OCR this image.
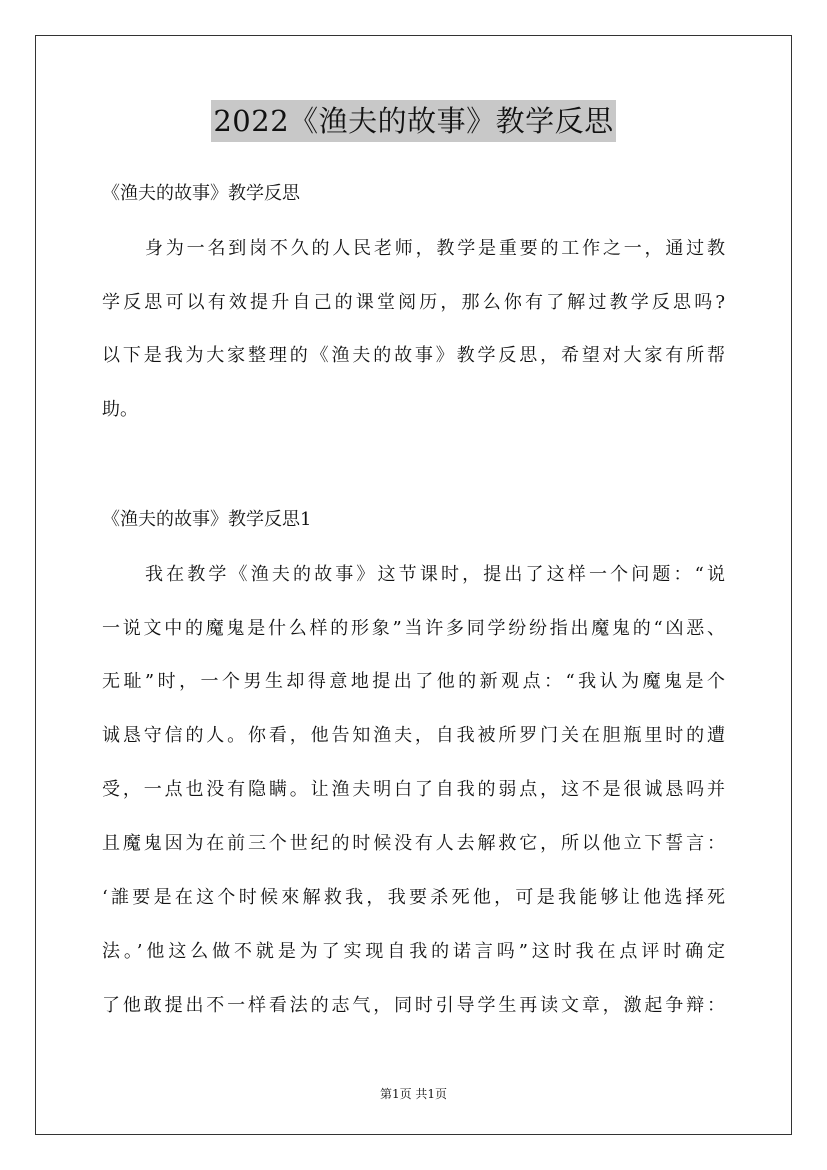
2022《渔夫的故事》教学反思
《渔夫的故事》教学反思
身为一名到岗不久的人民老师，教学是重要的工作之一，通过教
学反思可以有效提升自己的课堂阅历，那么你有了解过教学反思吗?
以下是我为大家整理的《渔夫的故事》教学反思，希望对大家有所帮
助。
《渔夫的故事》教学反思1
我在教学《渔夫的故事》这节课时，提出了这样一个问题：“说
一说文中的魔鬼是什么样的形象”当许多同学纷纷指出魔鬼的“凶恶、
无耻”时，一个男生却得意地提出了他的新观点：“我认为魔鬼是个
诚恳守信的人。你看，他告知渔夫，自我被所罗门关在胆瓶里时的遭
受，一点也没有隐瞒。让渔夫明白了自我的弱点，这不是很诚恳吗并
且魔鬼因为在前三个世纪的时候没有人去解救它，所以他立下誓言：
‘誰要是在这个时候來解救我，我要杀死他，可是我能够让他选择死
法。’他这么做不就是为了实现自我的诺言吗”这时我在点评时确定
了他敢提出不一样看法的志气，同时引导学生再读文章，激起争辩：
第1页 共1页
